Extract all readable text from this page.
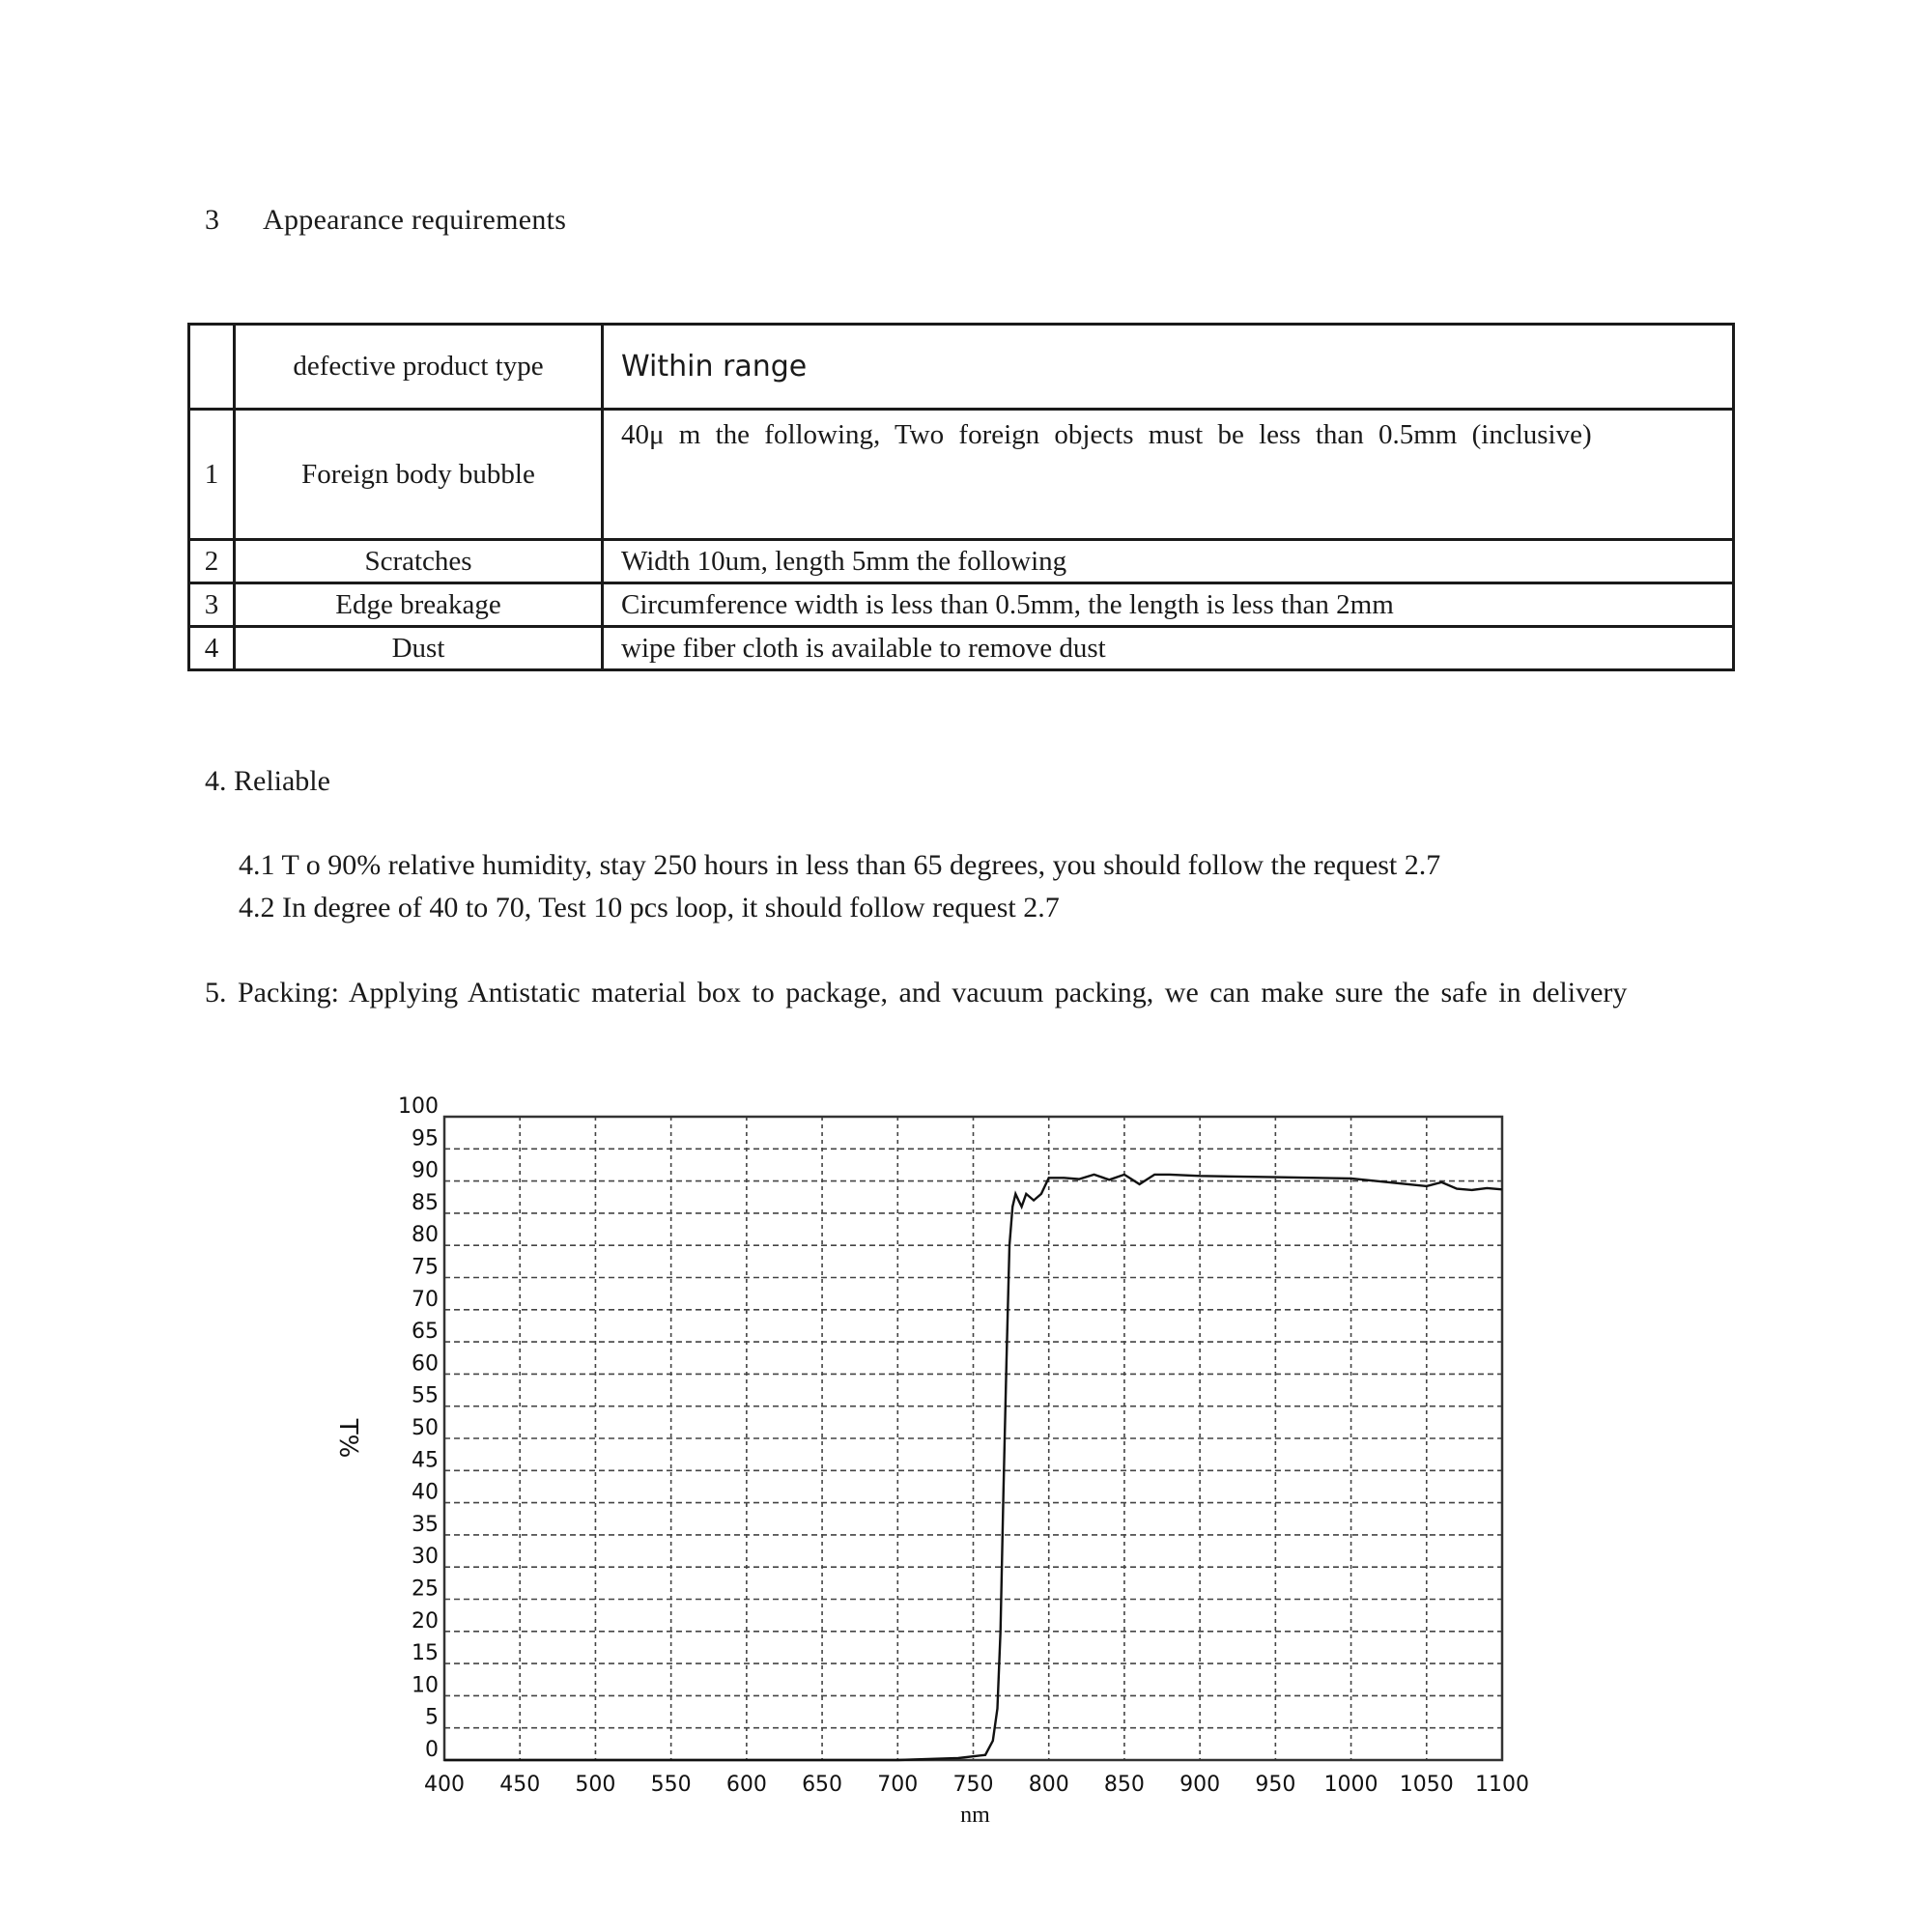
3 Appearance requirements
	defective product type	Within range
1	Foreign body bubble	40μ m the following, Two foreign objects must be less than 0.5mm (inclusive)
2	Scratches	Width 10um, length 5mm the following
3	Edge breakage	Circumference width is less than 0.5mm, the length is less than 2mm
4	Dust	wipe fiber cloth is available to remove dust
4. Reliable
4.1 T o 90% relative humidity, stay 250 hours in less than 65 degrees, you should follow the request 2.7
4.2 In degree of 40 to 70, Test 10 pcs loop, it should follow request 2.7
5. Packing: Applying Antistatic material box to package, and vacuum packing, we can make sure the safe in delivery
0
5
10
15
20
25
30
35
40
45
50
55
60
65
70
75
80
85
90
95
100
400 450 500 550 600 650 700 750 800 850 900 950 1000 1050 1100
T%
nm
